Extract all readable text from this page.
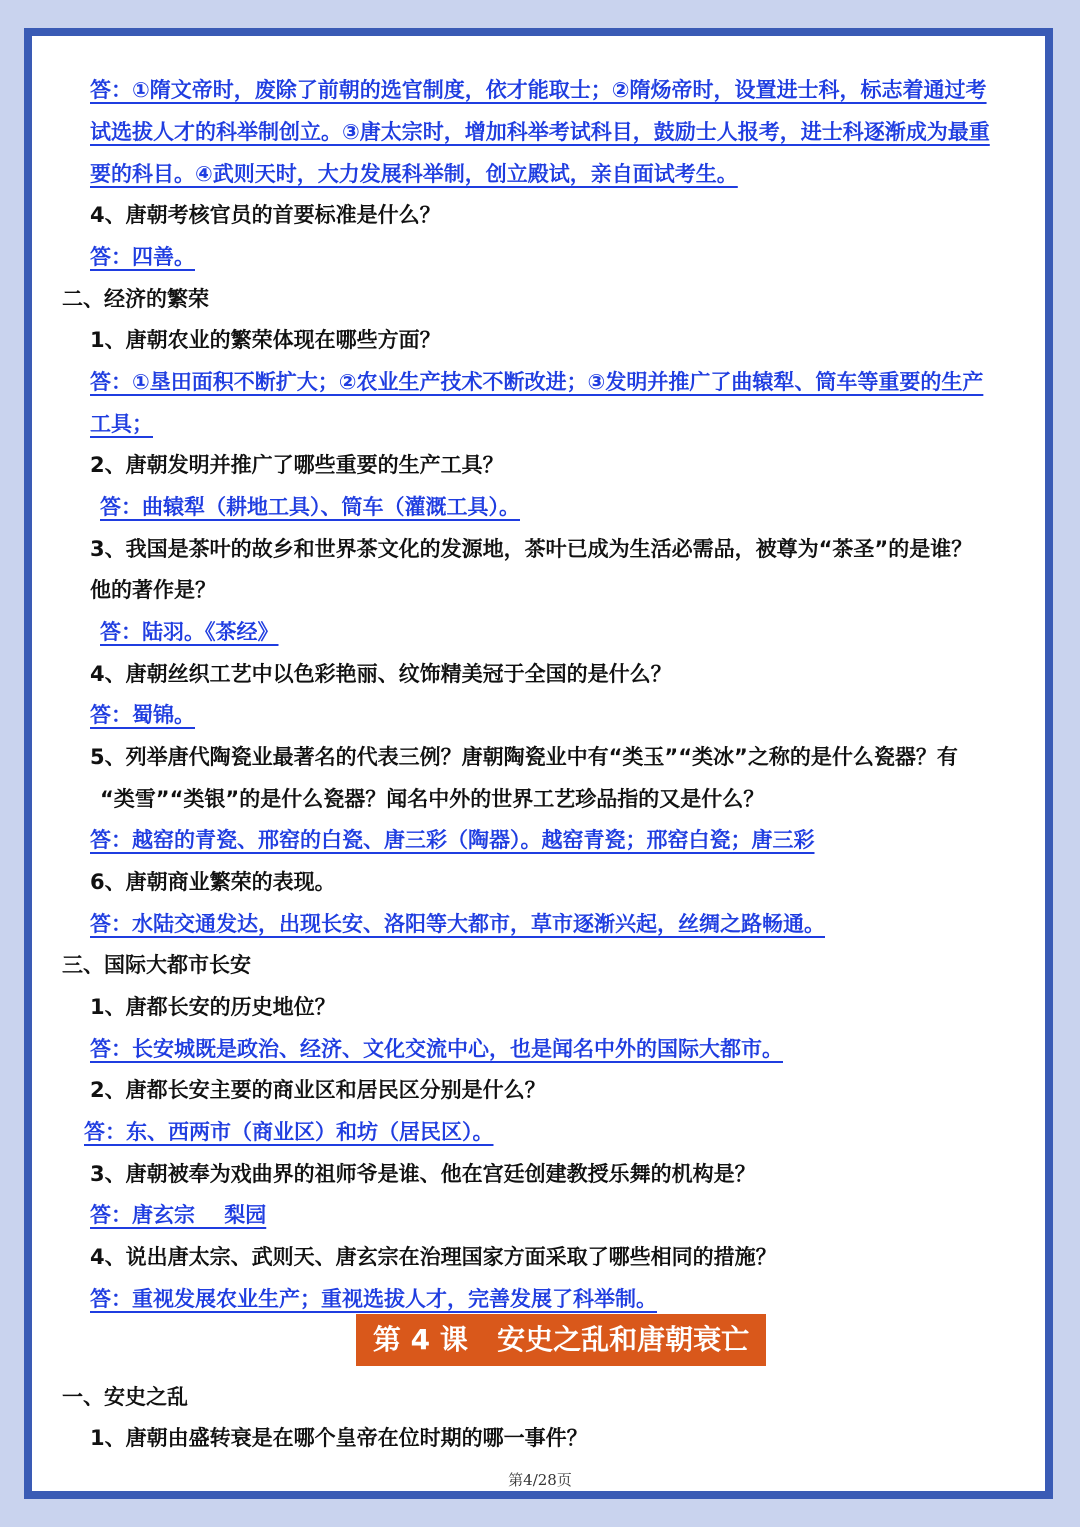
答：①隋文帝时，废除了前朝的选官制度，依才能取士；②隋炀帝时，设置进士科，标志着通过考
试选拔人才的科举制创立。③唐太宗时，增加科举考试科目，鼓励士人报考，进士科逐渐成为最重
要的科目。④武则天时，大力发展科举制，创立殿试，亲自面试考生。
4、唐朝考核官员的首要标准是什么？
答：四善。
二、经济的繁荣
1、唐朝农业的繁荣体现在哪些方面？
答：①垦田面积不断扩大；②农业生产技术不断改进；③发明并推广了曲辕犁、筒车等重要的生产
工具；
2、唐朝发明并推广了哪些重要的生产工具？
答：曲辕犁（耕地工具）、筒车（灌溉工具）。
3、我国是茶叶的故乡和世界茶文化的发源地，茶叶已成为生活必需品，被尊为“茶圣”的是谁？
他的著作是？
答：陆羽。《茶经》
4、唐朝丝织工艺中以色彩艳丽、纹饰精美冠于全国的是什么？
答：蜀锦。
5、列举唐代陶瓷业最著名的代表三例？唐朝陶瓷业中有“类玉”“类冰”之称的是什么瓷器？有
“类雪”“类银”的是什么瓷器？闻名中外的世界工艺珍品指的又是什么？
答：越窑的青瓷、邢窑的白瓷、唐三彩（陶器）。越窑青瓷；邢窑白瓷；唐三彩
6、唐朝商业繁荣的表现。
答：水陆交通发达，出现长安、洛阳等大都市，草市逐渐兴起，丝绸之路畅通。
三、国际大都市长安
1、唐都长安的历史地位？
答：长安城既是政治、经济、文化交流中心，也是闻名中外的国际大都市。
2、唐都长安主要的商业区和居民区分别是什么？
答：东、西两市（商业区）和坊（居民区）。
3、唐朝被奉为戏曲界的祖师爷是谁、他在宫廷创建教授乐舞的机构是？
答：唐玄宗    梨园
4、说出唐太宗、武则天、唐玄宗在治理国家方面采取了哪些相同的措施？
答：重视发展农业生产；重视选拔人才，完善发展了科举制。
第 4 课   安史之乱和唐朝衰亡
一、安史之乱
1、唐朝由盛转衰是在哪个皇帝在位时期的哪一事件？
第4/28页
